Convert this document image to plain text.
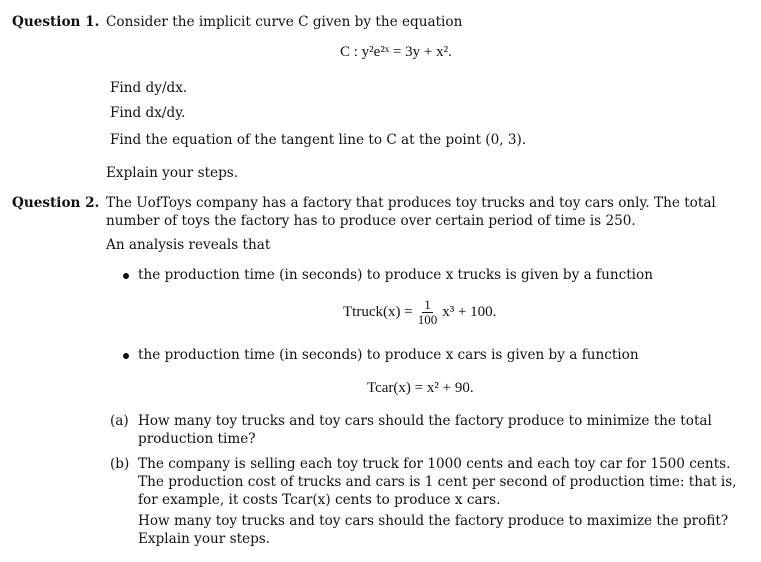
Question 1. Consider the implicit curve C given by the equation
C : y²e²ˣ = 3y + x².
Find dy/dx.
Find dx/dy.
Find the equation of the tangent line to C at the point (0, 3).
Explain your steps.
Question 2. The UofToys company has a factory that produces toy trucks and toy cars only. The total
number of toys the factory has to produce over certain period of time is 250.
An analysis reveals that
the production time (in seconds) to produce x trucks is given by a function
Ttruck(x) = $\frac{1}{100} x^3 + 100$.
the production time (in seconds) to produce x cars is given by a function
Tcar(x) = x² + 90.
(a) How many toy trucks and toy cars should the factory produce to minimize the total
production time?
(b) The company is selling each toy truck for 1000 cents and each toy car for 1500 cents.
The production cost of trucks and cars is 1 cent per second of production time: that is,
for example, it costs Tcar(x) cents to produce x cars.
How many toy trucks and toy cars should the factory produce to maximize the profit?
Explain your steps.
